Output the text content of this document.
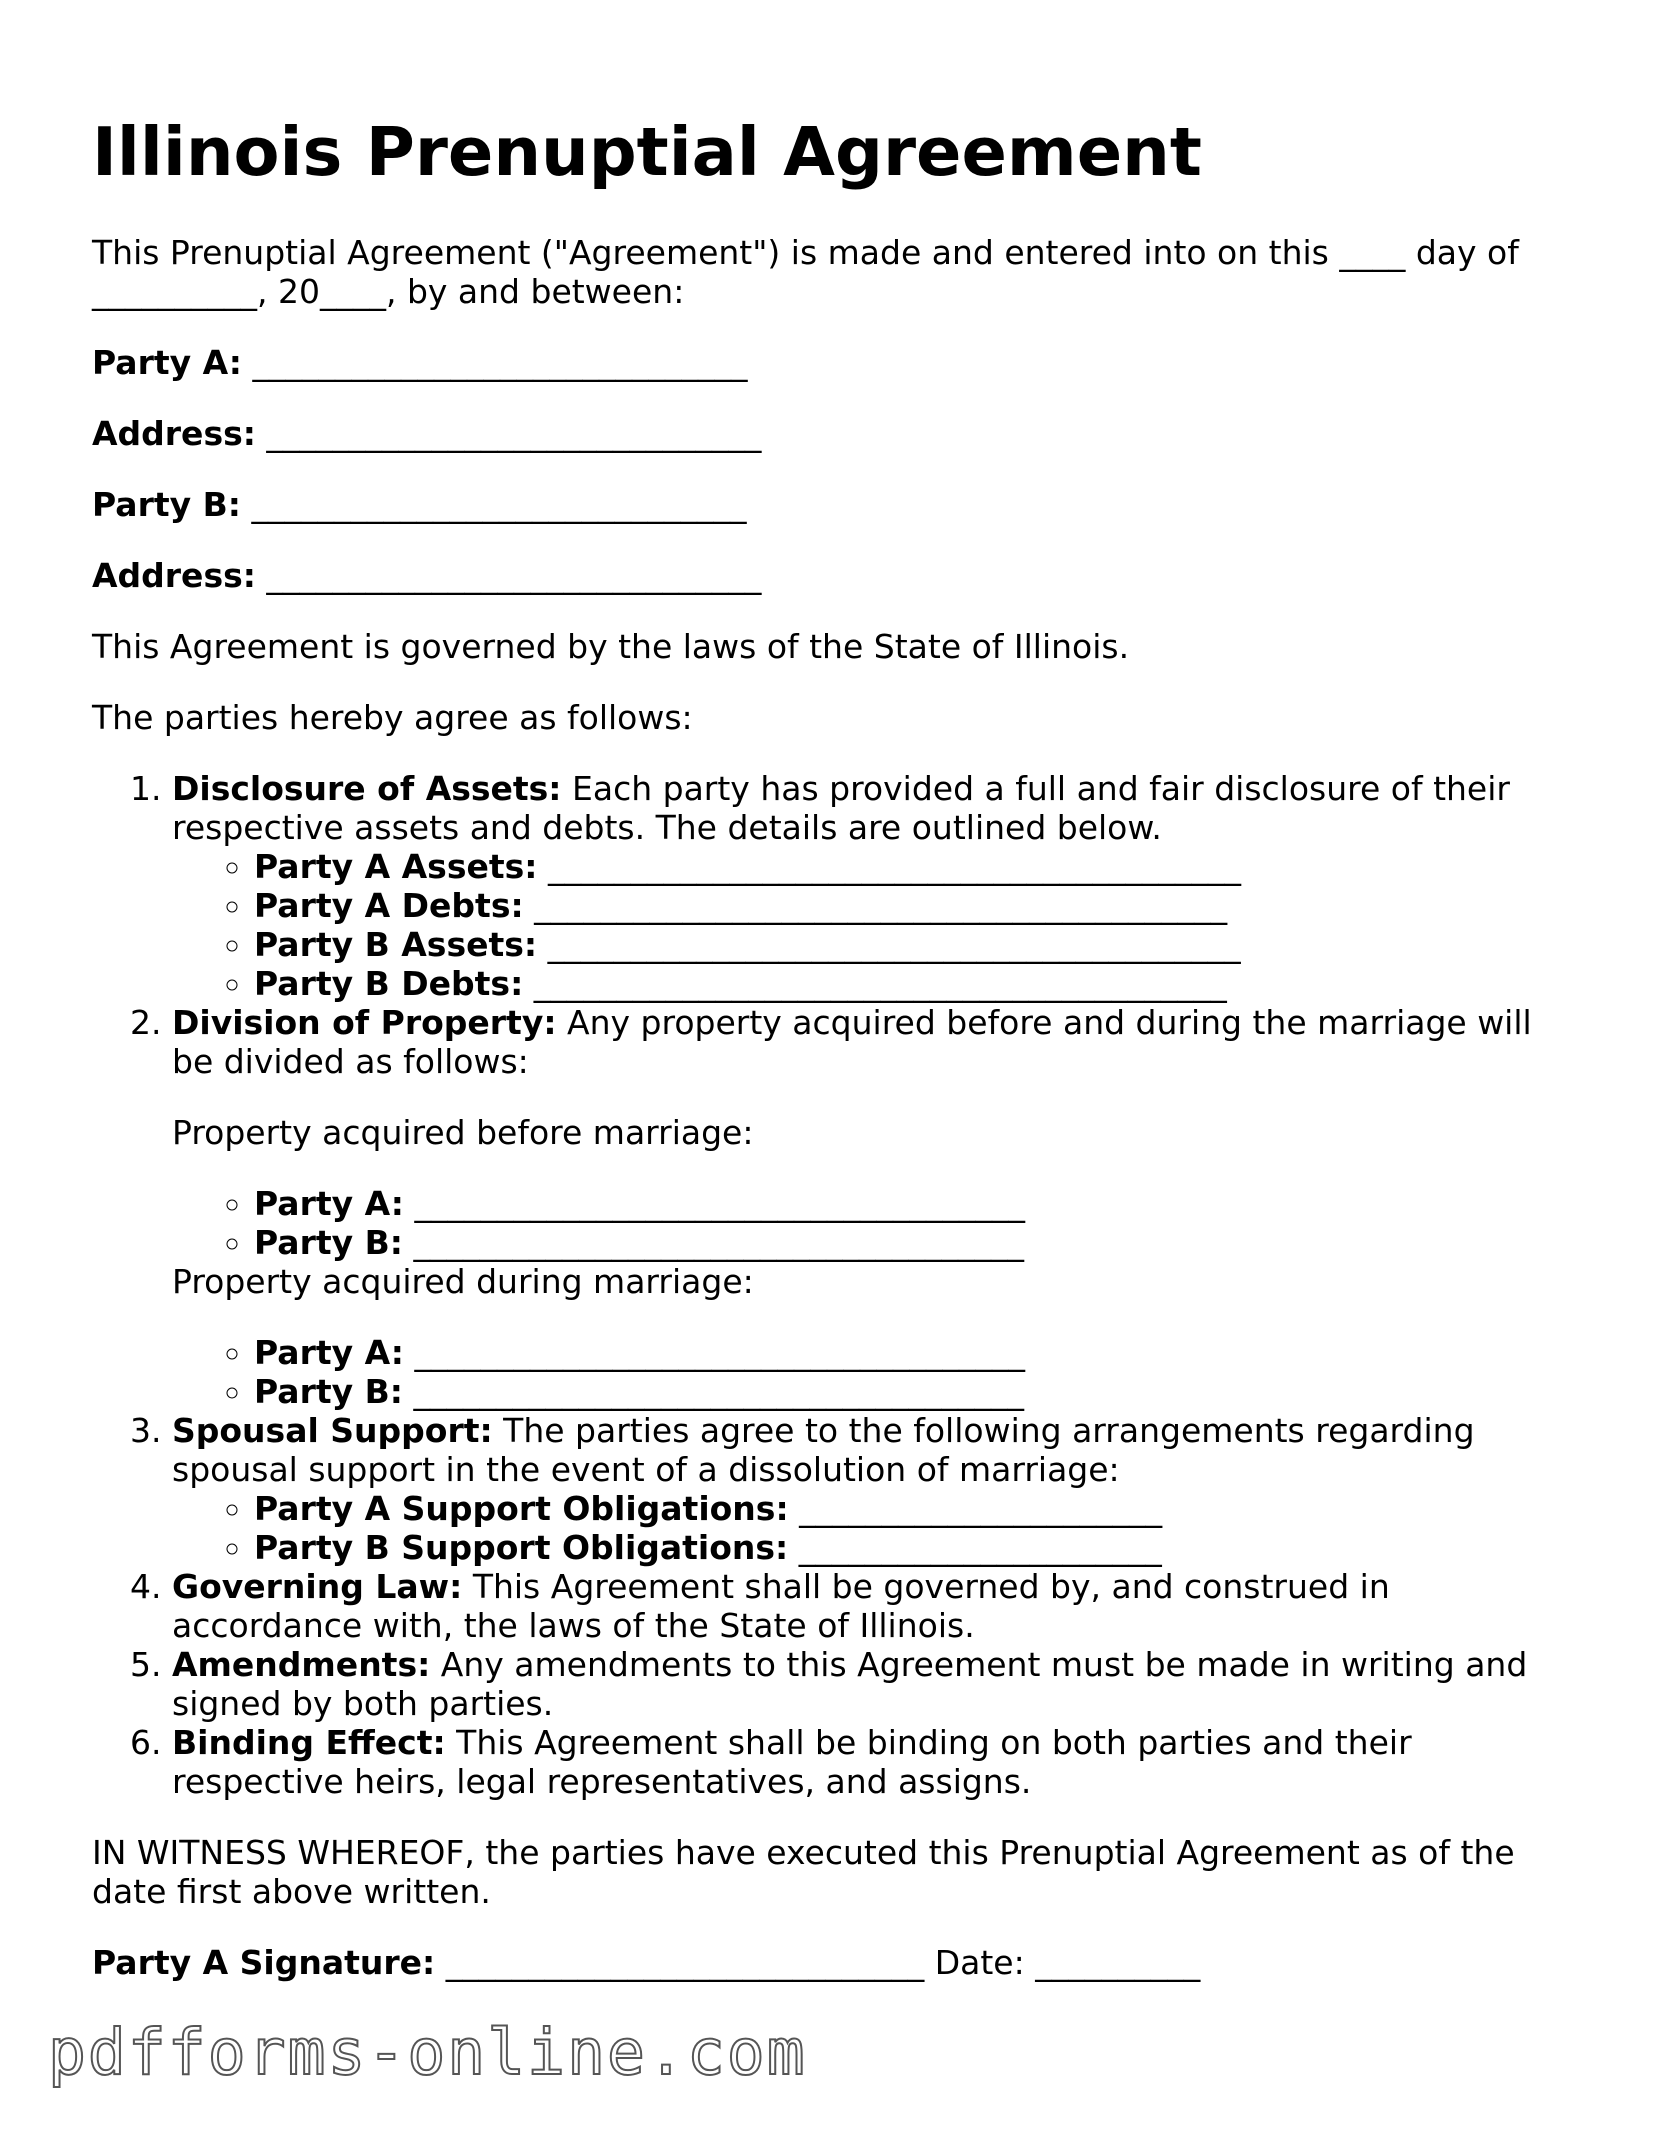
Illinois Prenuptial Agreement

This Prenuptial Agreement ("Agreement") is made and entered into on this ____ day of __________, 20____, by and between:

Party A: ______________________________
Address: ______________________________
Party B: ______________________________
Address: ______________________________

This Agreement is governed by the laws of the State of Illinois.

The parties hereby agree as follows:

1. Disclosure of Assets: Each party has provided a full and fair disclosure of their respective assets and debts. The details are outlined below.
◦ Party A Assets: __________________________________________
◦ Party A Debts: __________________________________________
◦ Party B Assets: __________________________________________
◦ Party B Debts: __________________________________________
2. Division of Property: Any property acquired before and during the marriage will be divided as follows:
Property acquired before marriage:
◦ Party A: _____________________________________
◦ Party B: _____________________________________
Property acquired during marriage:
◦ Party A: _____________________________________
◦ Party B: _____________________________________
3. Spousal Support: The parties agree to the following arrangements regarding spousal support in the event of a dissolution of marriage:
◦ Party A Support Obligations: ______________________
◦ Party B Support Obligations: ______________________
4. Governing Law: This Agreement shall be governed by, and construed in accordance with, the laws of the State of Illinois.
5. Amendments: Any amendments to this Agreement must be made in writing and signed by both parties.
6. Binding Effect: This Agreement shall be binding on both parties and their respective heirs, legal representatives, and assigns.

IN WITNESS WHEREOF, the parties have executed this Prenuptial Agreement as of the date first above written.

Party A Signature: _____________________________ Date: __________
pdfforms-online.com
